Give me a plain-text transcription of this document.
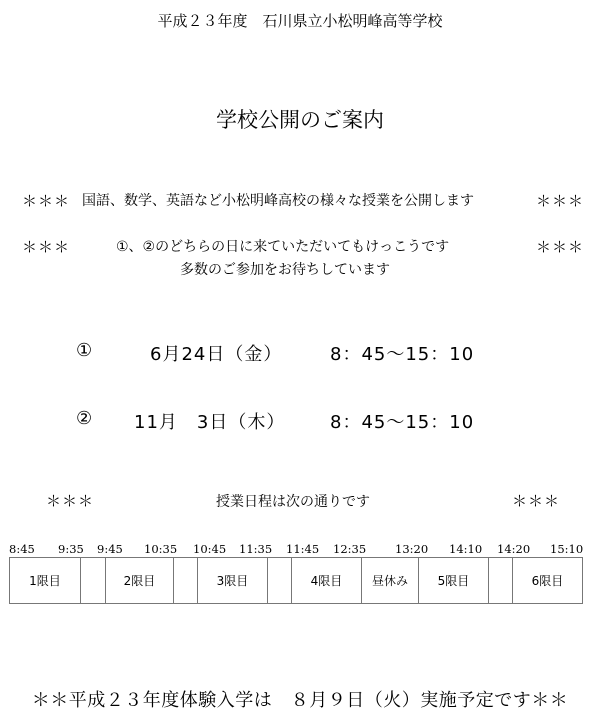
平成２３年度　石川県立小松明峰高等学校
学校公開のご案内
＊＊＊ 国語、数学、英語など小松明峰高校の様々な授業を公開します	＊＊＊
＊＊＊	①、②のどちらの日に来ていただいてもけっこうです	＊＊＊
多数のご参加をお待ちしています
①	6月24日（金）	8：45～15：10
② 11月　3日（木） 8：45～15：10
＊＊＊	授業日程は次の通りです	＊＊＊
8:45 9:35 9:45 10:35 10:45 11:35 11:45 12:35	13:20 14:10 14:20 15:10
1限目	2限目	3限目	4限目	昼休み	5限目	6限目
＊＊平成２３年度体験入学は　８月９日（火）実施予定です＊＊
